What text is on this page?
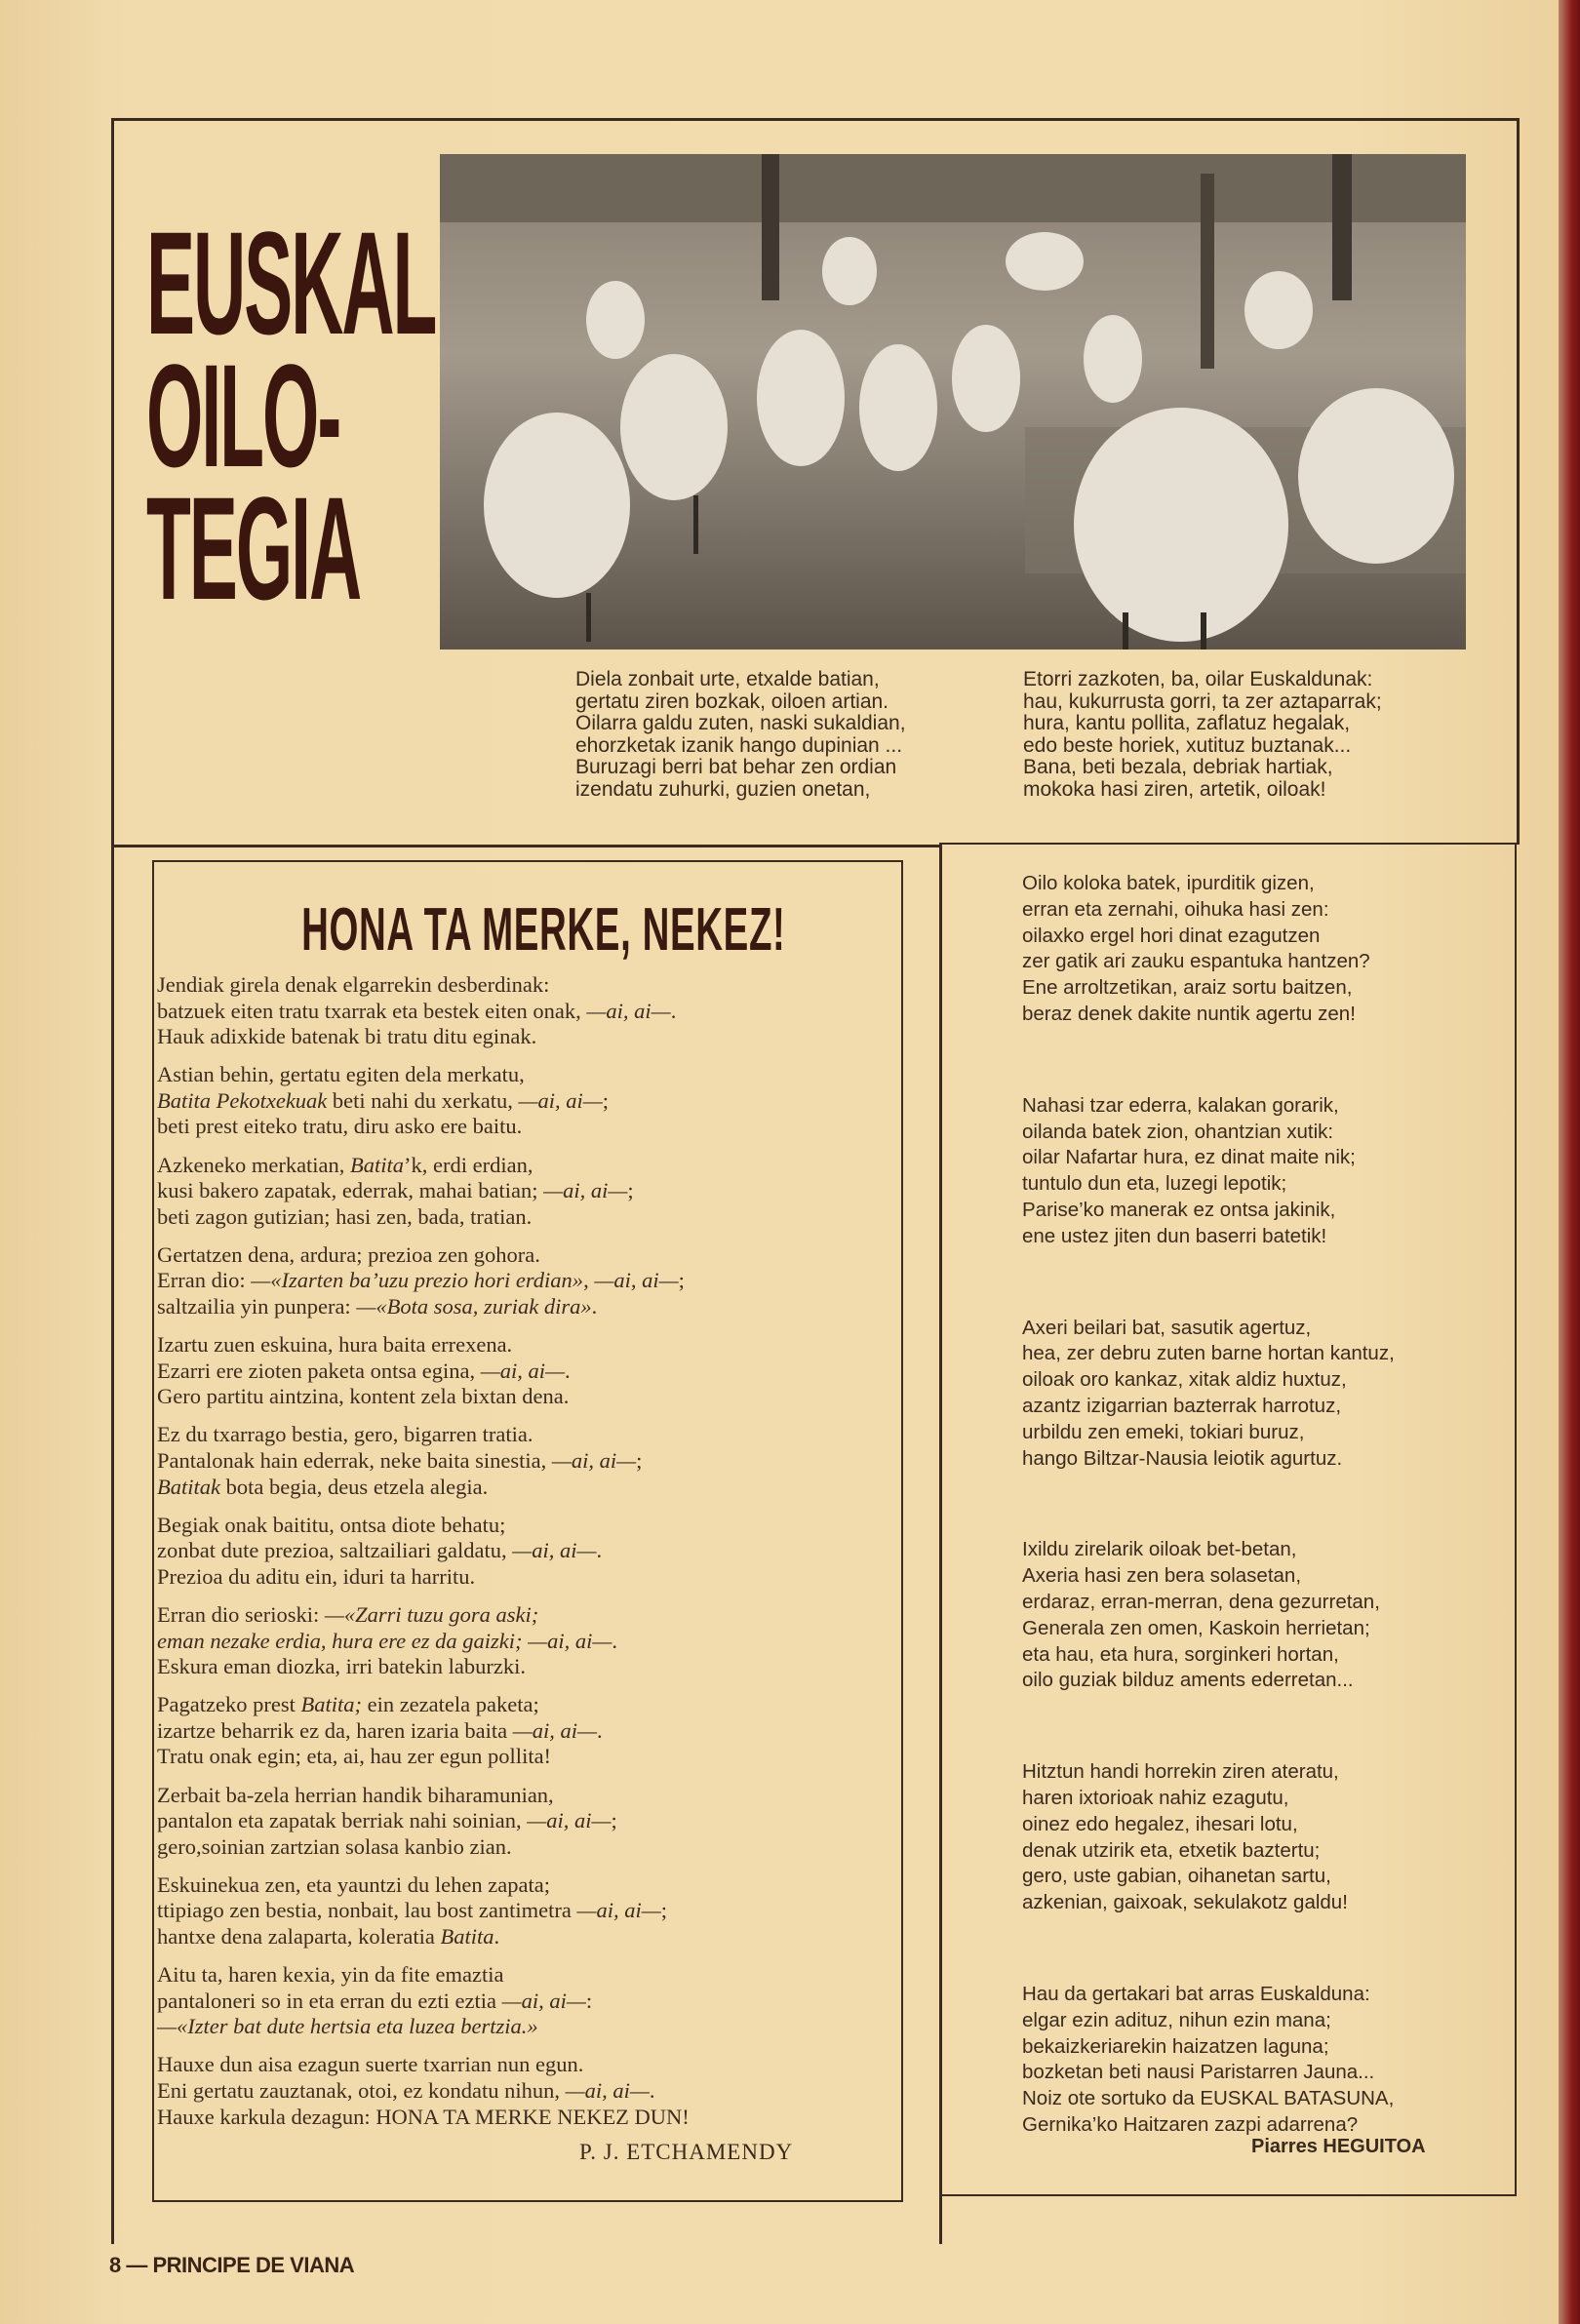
EUSKAL
OILO-
TEGIA
Diela zonbait urte, etxalde batian,
gertatu ziren bozkak, oiloen artian.
Oilarra galdu zuten, naski sukaldian,
ehorzketak izanik hango dupinian ...
Buruzagi berri bat behar zen ordian
izendatu zuhurki, guzien onetan,
Etorri zazkoten, ba, oilar Euskaldunak:
hau, kukurrusta gorri, ta zer aztaparrak;
hura, kantu pollita, zaflatuz hegalak,
edo beste horiek, xutituz buztanak...
Bana, beti bezala, debriak hartiak,
mokoka hasi ziren, artetik, oiloak!
HONA TA MERKE, NEKEZ!
Jendiak girela denak elgarrekin desberdinak:
batzuek eiten tratu txarrak eta bestek eiten onak, —ai, ai—.
Hauk adixkide batenak bi tratu ditu eginak.
Astian behin, gertatu egiten dela merkatu,
Batita Pekotxekuak beti nahi du xerkatu, —ai, ai—;
beti prest eiteko tratu, diru asko ere baitu.
Azkeneko merkatian, Batita’k, erdi erdian,
kusi bakero zapatak, ederrak, mahai batian; —ai, ai—;
beti zagon gutizian; hasi zen, bada, tratian.
Gertatzen dena, ardura; prezioa zen gohora.
Erran dio: —«Izarten ba’uzu prezio hori erdian», —ai, ai—;
saltzailia yin punpera: —«Bota sosa, zuriak dira».
Izartu zuen eskuina, hura baita errexena.
Ezarri ere zioten paketa ontsa egina, —ai, ai—.
Gero partitu aintzina, kontent zela bixtan dena.
Ez du txarrago bestia, gero, bigarren tratia.
Pantalonak hain ederrak, neke baita sinestia, —ai, ai—;
Batitak bota begia, deus etzela alegia.
Begiak onak baititu, ontsa diote behatu;
zonbat dute prezioa, saltzailiari galdatu, —ai, ai—.
Prezioa du aditu ein, iduri ta harritu.
Erran dio serioski: —«Zarri tuzu gora aski;
eman nezake erdia, hura ere ez da gaizki; —ai, ai—.
Eskura eman diozka, irri batekin laburzki.
Pagatzeko prest Batita; ein zezatela paketa;
izartze beharrik ez da, haren izaria baita —ai, ai—.
Tratu onak egin; eta, ai, hau zer egun pollita!
Zerbait ba-zela herrian handik biharamunian,
pantalon eta zapatak berriak nahi soinian, —ai, ai—;
gero,soinian zartzian solasa kanbio zian.
Eskuinekua zen, eta yauntzi du lehen zapata;
ttipiago zen bestia, nonbait, lau bost zantimetra —ai, ai—;
hantxe dena zalaparta, koleratia Batita.
Aitu ta, haren kexia, yin da fite emaztia
pantaloneri so in eta erran du ezti eztia —ai, ai—:
—«Izter bat dute hertsia eta luzea bertzia.»
Hauxe dun aisa ezagun suerte txarrian nun egun.
Eni gertatu zauztanak, otoi, ez kondatu nihun, —ai, ai—.
Hauxe karkula dezagun: HONA TA MERKE NEKEZ DUN!
P. J. ETCHAMENDY
Oilo koloka batek, ipurditik gizen,
erran eta zernahi, oihuka hasi zen:
oilaxko ergel hori dinat ezagutzen
zer gatik ari zauku espantuka hantzen?
Ene arroltzetikan, araiz sortu baitzen,
beraz denek dakite nuntik agertu zen!
Nahasi tzar ederra, kalakan gorarik,
oilanda batek zion, ohantzian xutik:
oilar Nafartar hura, ez dinat maite nik;
tuntulo dun eta, luzegi lepotik;
Parise’ko manerak ez ontsa jakinik,
ene ustez jiten dun baserri batetik!
Axeri beilari bat, sasutik agertuz,
hea, zer debru zuten barne hortan kantuz,
oiloak oro kankaz, xitak aldiz huxtuz,
azantz izigarrian bazterrak harrotuz,
urbildu zen emeki, tokiari buruz,
hango Biltzar-Nausia leiotik agurtuz.
Ixildu zirelarik oiloak bet-betan,
Axeria hasi zen bera solasetan,
erdaraz, erran-merran, dena gezurretan,
Generala zen omen, Kaskoin herrietan;
eta hau, eta hura, sorginkeri hortan,
oilo guziak bilduz aments ederretan...
Hitztun handi horrekin ziren ateratu,
haren ixtorioak nahiz ezagutu,
oinez edo hegalez, ihesari lotu,
denak utzirik eta, etxetik baztertu;
gero, uste gabian, oihanetan sartu,
azkenian, gaixoak, sekulakotz galdu!
Hau da gertakari bat arras Euskalduna:
elgar ezin adituz, nihun ezin mana;
bekaizkeriarekin haizatzen laguna;
bozketan beti nausi Paristarren Jauna...
Noiz ote sortuko da EUSKAL BATASUNA,
Gernika’ko Haitzaren zazpi adarrena?
Piarres HEGUITOA
8 — PRINCIPE DE VIANA
